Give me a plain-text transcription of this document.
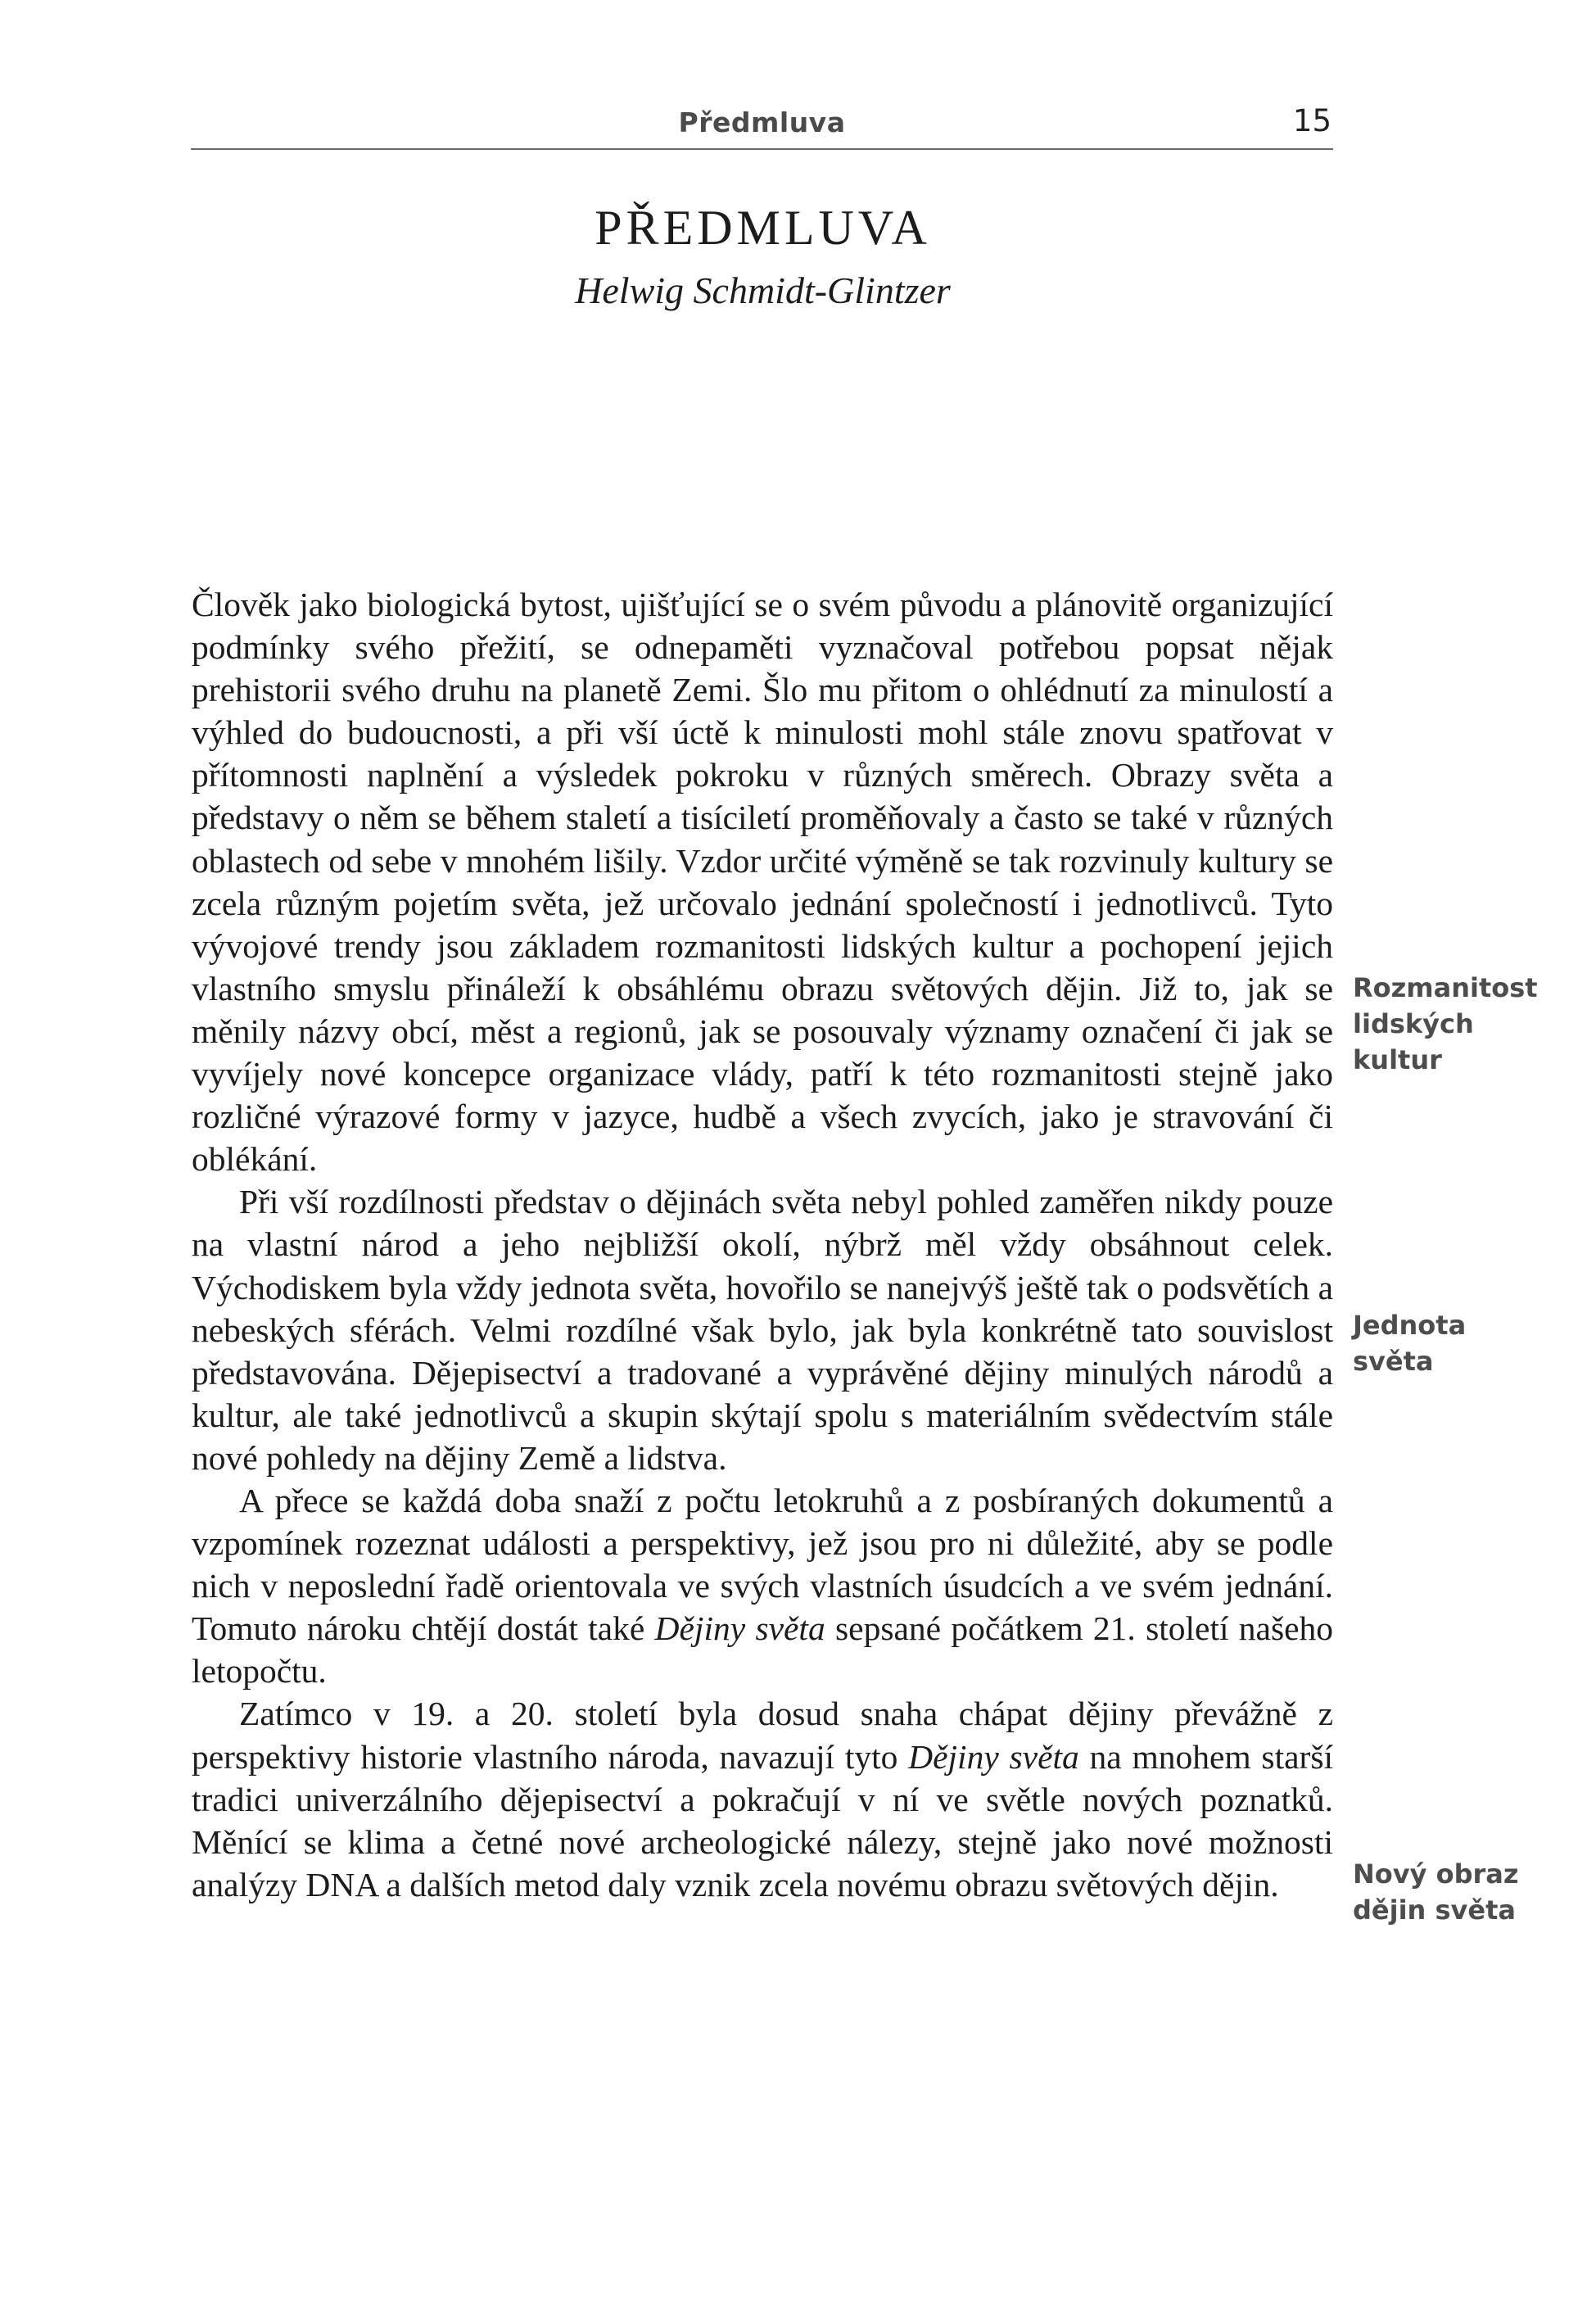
Předmluva	15
PŘEDMLUVA
Helwig Schmidt-Glintzer

Člověk jako biologická bytost, ujišťující se o svém původu a plánovitě organizující podmínky svého přežití, se odnepaměti vyznačoval potřebou popsat nějak prehistorii svého druhu na planetě Zemi. Šlo mu přitom o ohlédnutí za minulostí a výhled do budoucnosti, a při vší úctě k minulosti mohl stále znovu spatřovat v přítomnosti naplnění a výsledek pokroku v různých směrech. Obrazy světa a představy o něm se během staletí a tisíciletí proměňovaly a často se také v různých oblastech od sebe v mnohém lišily. Vzdor určité výměně se tak rozvinuly kultury se zcela různým pojetím světa, jež určovalo jednání společností i jednotlivců. Tyto vývojové trendy jsou základem rozmanitosti lidských kultur a pochopení jejich vlastního smyslu přináleží k obsáhlému obrazu světových dějin. Již to, jak se měnily názvy obcí, měst a regionů, jak se posouvaly významy označení či jak se vyvíjely nové koncepce organizace vlády, patří k této rozmanitosti stejně jako rozličné výrazové formy v jazyce, hudbě a všech zvycích, jako je stravování či oblékání.

Při vší rozdílnosti představ o dějinách světa nebyl pohled zaměřen nikdy pouze na vlastní národ a jeho nejbližší okolí, nýbrž měl vždy obsáhnout celek. Východiskem byla vždy jednota světa, hovořilo se nanejvýš ještě tak o podsvětích a nebeských sférách. Velmi rozdílné však bylo, jak byla konkrétně tato souvislost představována. Dějepisectví a tradované a vyprávěné dějiny minulých národů a kultur, ale také jednotlivců a skupin skýtají spolu s materiálním svědectvím stále nové pohledy na dějiny Země a lidstva.

A přece se každá doba snaží z počtu letokruhů a z posbíraných dokumentů a vzpomínek rozeznat události a perspektivy, jež jsou pro ni důležité, aby se podle nich v neposlední řadě orientovala ve svých vlastních úsudcích a ve svém jednání. Tomuto nároku chtějí dostát také Dějiny světa sepsané počátkem 21. století našeho letopočtu.

Zatímco v 19. a 20. století byla dosud snaha chápat dějiny převážně z perspektivy historie vlastního národa, navazují tyto Dějiny světa na mnohem starší tradici univerzálního dějepisectví a pokračují v ní ve světle nových poznatků. Měnící se klima a četné nové archeologické nálezy, stejně jako nové možnosti analýzy DNA a dalších metod daly vznik zcela novému obrazu světových dějin.

Rozmanitost
lidských
kultur
Jednota
světa
Nový obraz
dějin světa
